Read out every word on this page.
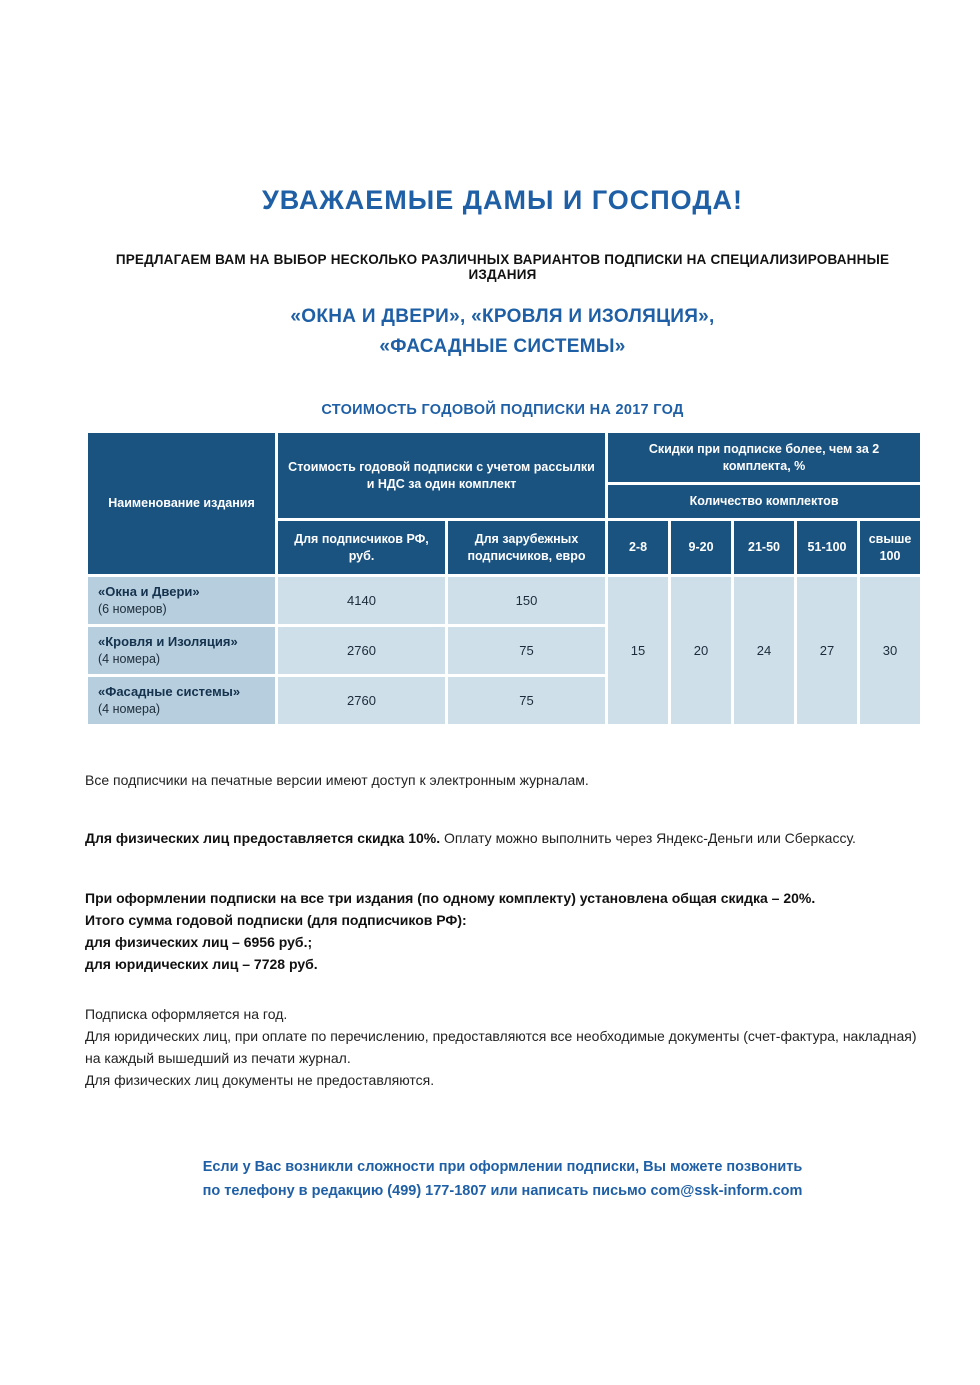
УВАЖАЕМЫЕ ДАМЫ И ГОСПОДА!

ПРЕДЛАГАЕМ ВАМ НА ВЫБОР НЕСКОЛЬКО РАЗЛИЧНЫХ ВАРИАНТОВ ПОДПИСКИ НА СПЕЦИАЛИЗИРОВАННЫЕ ИЗДАНИЯ

«ОКНА И ДВЕРИ», «КРОВЛЯ И ИЗОЛЯЦИЯ»,
«ФАСАДНЫЕ СИСТЕМЫ»
СТОИМОСТЬ ГОДОВОЙ ПОДПИСКИ НА 2017 ГОД
Наименование издания	Стоимость годовой подписки с учетом рассылки и НДС за один комплект		Скидки при подписке более, чем за 2 комплекта, %				
			Количество комплектов				
	Для подписчиков РФ, руб.	Для зарубежных подписчиков, евро	2-8	9-20	21-50	51-100	свыше 100

«Окна и Двери»
(6 номеров)	4140	150	15	20	24	27	30

«Кровля и Изоляция»
(4 номера)	2760	75					

«Фасадные системы»
(4 номера)	2760	75					

Все подписчики на печатные версии имеют доступ к электронным журналам.

Для физических лиц предоставляется скидка 10%. Оплату можно выполнить через Яндекс-Деньги или Сберкассу.

При оформлении подписки на все три издания (по одному комплекту) установлена общая скидка – 20%.
Итого сумма годовой подписки (для подписчиков РФ):
для физических лиц – 6956 руб.;
для юридических лиц – 7728 руб.
Подписка оформляется на год.
Для юридических лиц, при оплате по перечислению, предоставляются все необходимые документы (счет-фактура, накладная) на каждый вышедший из печати журнал.
Для физических лиц документы не предоставляются.
Если у Вас возникли сложности при оформлении подписки, Вы можете позвонить
по телефону в редакцию (499) 177-1807 или написать письмо com@ssk-inform.com
